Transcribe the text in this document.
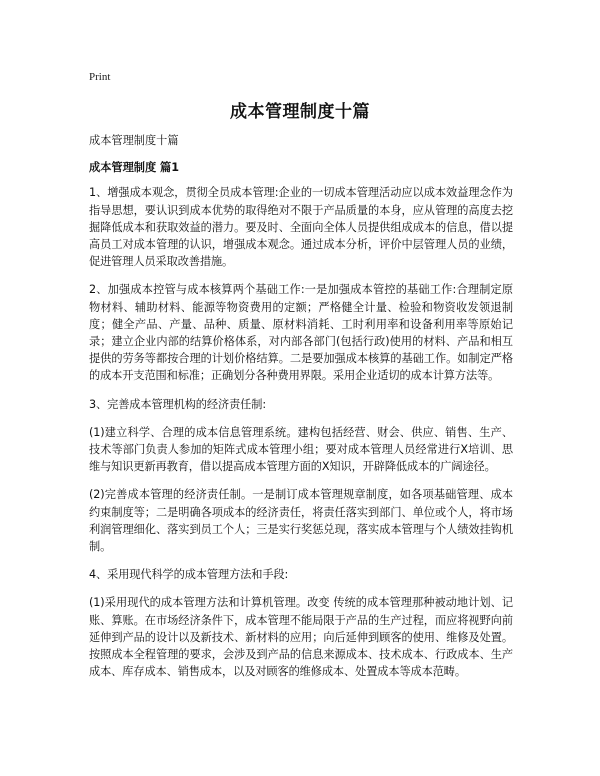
Print
成本管理制度十篇

成本管理制度十篇

成本管理制度 篇1

1、增强成本观念，贯彻全员成本管理:企业的一切成本管理活动应以成本效益理念作为指导思想，要认识到成本优势的取得绝对不限于产品质量的本身，应从管理的高度去挖掘降低成本和获取效益的潜力。要及时、全面向全体人员提供组成成本的信息，借以提高员工对成本管理的认识，增强成本观念。通过成本分析，评价中层管理人员的业绩，促进管理人员采取改善措施。

2、加强成本控管与成本核算两个基础工作:一是加强成本管控的基础工作:合理制定原物材料、辅助材料、能源等物资费用的定额；严格健全计量、检验和物资收发领退制度；健全产品、产量、品种、质量、原材料消耗、工时利用率和设备利用率等原始记录；建立企业内部的结算价格体系，对内部各部门(包括行政)使用的材料、产品和相互提供的劳务等都按合理的计划价格结算。二是要加强成本核算的基础工作。如制定严格的成本开支范围和标准；正确划分各种费用界限。采用企业适切的成本计算方法等。

3、完善成本管理机构的经济责任制:

(1)建立科学、合理的成本信息管理系统。建构包括经营、财会、供应、销售、生产、技术等部门负责人参加的矩阵式成本管理小组；要对成本管理人员经常进行X培训、思维与知识更新再教育，借以提高成本管理方面的X知识，开辟降低成本的广阔途径。

(2)完善成本管理的经济责任制。一是制订成本管理规章制度，如各项基础管理、成本约束制度等；二是明确各项成本的经济责任，将责任落实到部门、单位或个人，将市场利润管理细化、落实到员工个人；三是实行奖惩兑现，落实成本管理与个人绩效挂钩机制。

4、采用现代科学的成本管理方法和手段:

(1)采用现代的成本管理方法和计算机管理。改变 传统的成本管理那种被动地计划、记账、算账。在市场经济条件下，成本管理不能局限于产品的生产过程，而应将视野向前延伸到产品的设计以及新技术、新材料的应用；向后延伸到顾客的使用、维修及处置。按照成本全程管理的要求，会涉及到产品的信息来源成本、技术成本、行政成本、生产成本、库存成本、销售成本，以及对顾客的维修成本、处置成本等成本范畴。
